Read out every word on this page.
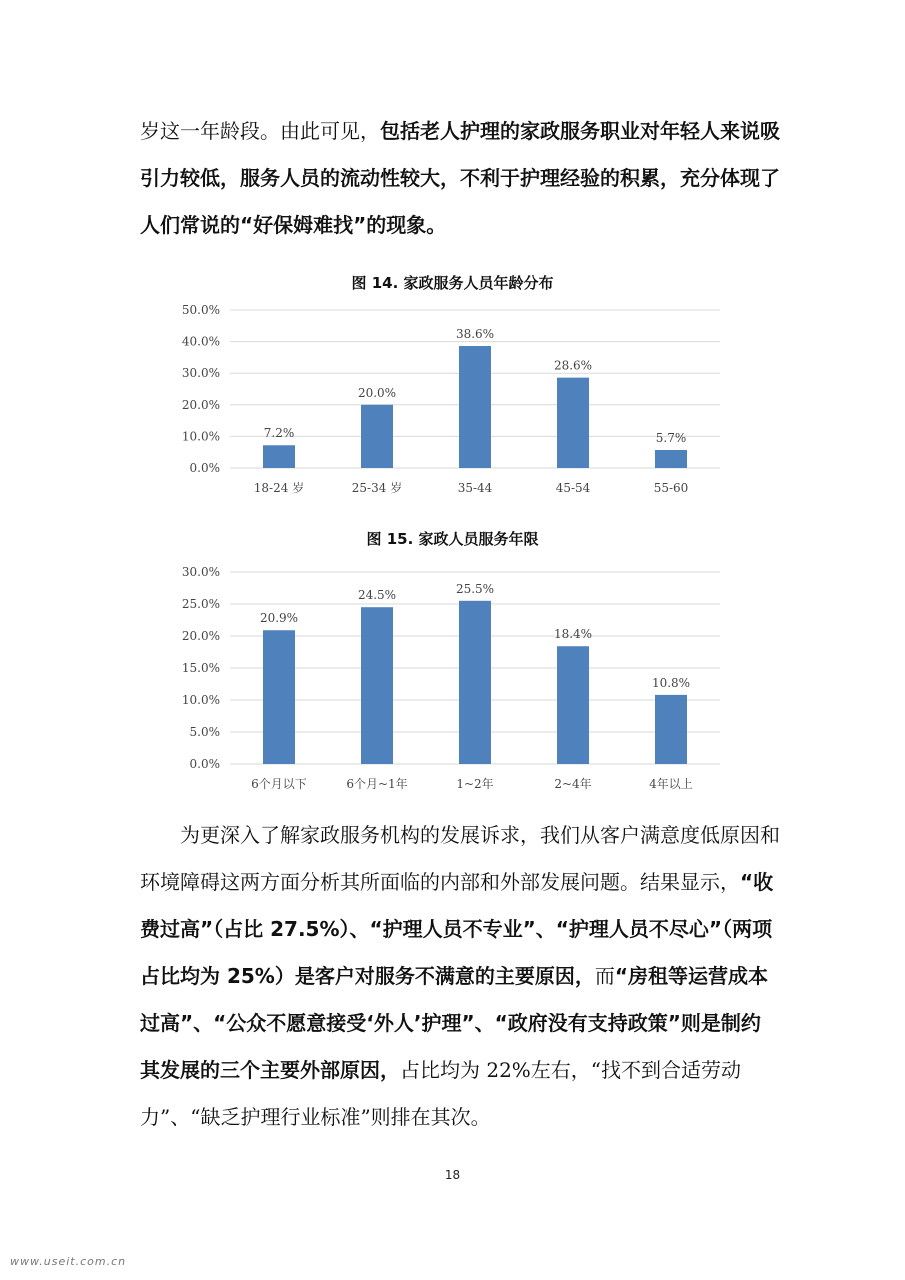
岁这一年龄段。由此可见，包括老人护理的家政服务职业对年轻人来说吸引力较低，服务人员的流动性较大，不利于护理经验的积累，充分体现了人们常说的“好保姆难找”的现象。
图 14. 家政服务人员年龄分布
0.0%
10.0%
20.0%
30.0%
40.0%
50.0%
7.2%
18-24 岁
20.0%
25-34 岁
38.6%
35-44
28.6%
45-54
5.7%
55-60
图 15. 家政人员服务年限
0.0%
5.0%
10.0%
15.0%
20.0%
25.0%
30.0%
20.9%
6个月以下
24.5%
6个月~1年
25.5%
1~2年
18.4%
2~4年
10.8%
4年以上
为更深入了解家政服务机构的发展诉求，我们从客户满意度低原因和环境障碍这两方面分析其所面临的内部和外部发展问题。结果显示，“收费过高”（占比 27.5%）、“护理人员不专业”、“护理人员不尽心”（两项占比均为 25%）是客户对服务不满意的主要原因，而“房租等运营成本过高”、“公众不愿意接受‘外人’护理”、“政府没有支持政策”则是制约其发展的三个主要外部原因，占比均为 22%左右，“找不到合适劳动力”、“缺乏护理行业标准”则排在其次。
18
www.useit.com.cn
